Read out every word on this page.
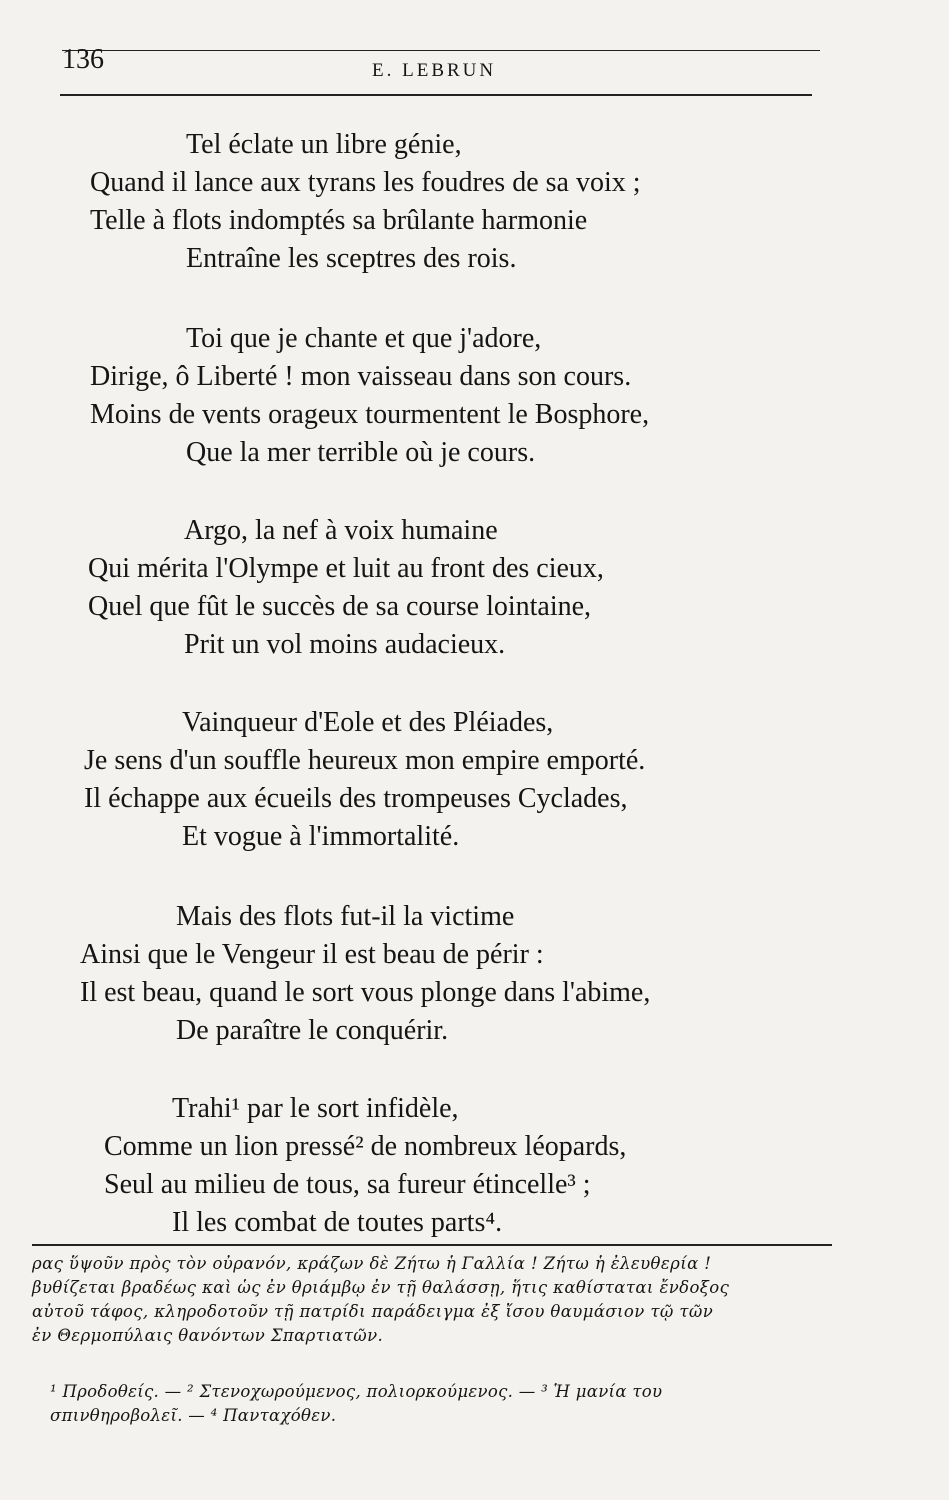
136	E. LEBRUN
Tel éclate un libre génie,
Quand il lance aux tyrans les foudres de sa voix ;
Telle à flots indomptés sa brûlante harmonie
Entraîne les sceptres des rois.
Toi que je chante et que j'adore,
Dirige, ô Liberté ! mon vaisseau dans son cours.
Moins de vents orageux tourmentent le Bosphore,
Que la mer terrible où je cours.
Argo, la nef à voix humaine
Qui mérita l'Olympe et luit au front des cieux,
Quel que fût le succès de sa course lointaine,
Prit un vol moins audacieux.
Vainqueur d'Eole et des Pléiades,
Je sens d'un souffle heureux mon empire emporté.
Il échappe aux écueils des trompeuses Cyclades,
Et vogue à l'immortalité.
Mais des flots fut-il la victime
Ainsi que le Vengeur il est beau de périr :
Il est beau, quand le sort vous plonge dans l'abime,
De paraître le conquérir.
Trahi¹ par le sort infidèle,
Comme un lion pressé² de nombreux léopards,
Seul au milieu de tous, sa fureur étincelle³ ;
Il les combat de toutes parts⁴.
ρας ὕψοῦν πρὸς τὸν οὐρανόν, κράζων δὲ Ζήτω ἡ Γαλλία ! Ζήτω ἡ ἐλευθερία !
βυθίζεται βραδέως καὶ ὡς ἐν θριάμβῳ ἐν τῇ θαλάσσῃ, ἥτις καθίσταται ἔνδοξος
αὐτοῦ τάφος, κληροδοτοῦν τῇ πατρίδι παράδειγμα ἐξ ἴσου θαυμάσιον τῷ τῶν
ἐν Θερμοπύλαις θανόντων Σπαρτιατῶν.
¹ Προδοθείς. — ² Στενοχωρούμενος, πολιορκούμενος. — ³ Ἡ μανία του
σπινθηροβολεῖ. — ⁴ Πανταχόθεν.
